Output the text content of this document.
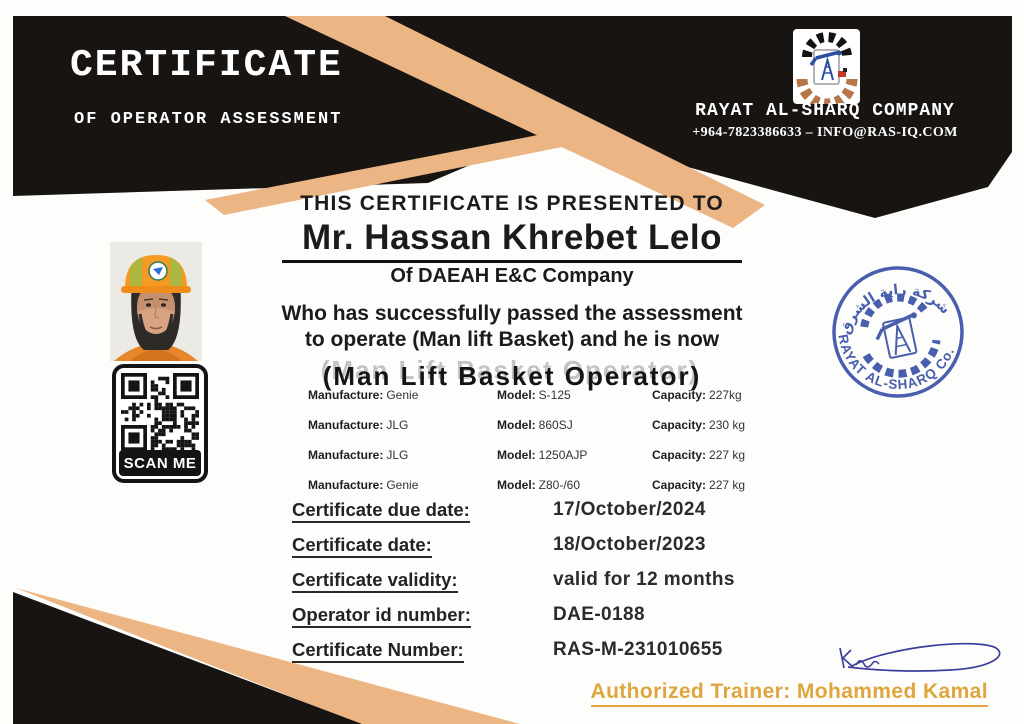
CERTIFICATE
OF OPERATOR ASSESSMENT	RAYAT AL-SHARQ COMPANY
+964-7823386633 – INFO@RAS-IQ.COM
THIS CERTIFICATE IS PRESENTED TO
Mr. Hassan Khrebet Lelo
Of DAEAH E&C Company
Who has successfully passed the assessment
to operate (Man lift Basket) and he is now
(Man Lift Basket Operator)
Manufacture: Genie	Model: S-125	Capacity: 227kg
Manufacture: JLG	Model: 860SJ	Capacity: 230 kg
Manufacture: JLG	Model: 1250AJP	Capacity: 227 kg
Manufacture: Genie	Model: Z80-/60	Capacity: 227 kg
Certificate due date:	17/October/2024
Certificate date:	18/October/2023
Certificate validity:	valid for 12 months
Operator id number:	DAE-0188
Certificate Number:	RAS-M-231010655
SCAN ME
شركة راية الشرق
RAYAT AL-SHARQ Co.
Authorized Trainer: Mohammed Kamal
